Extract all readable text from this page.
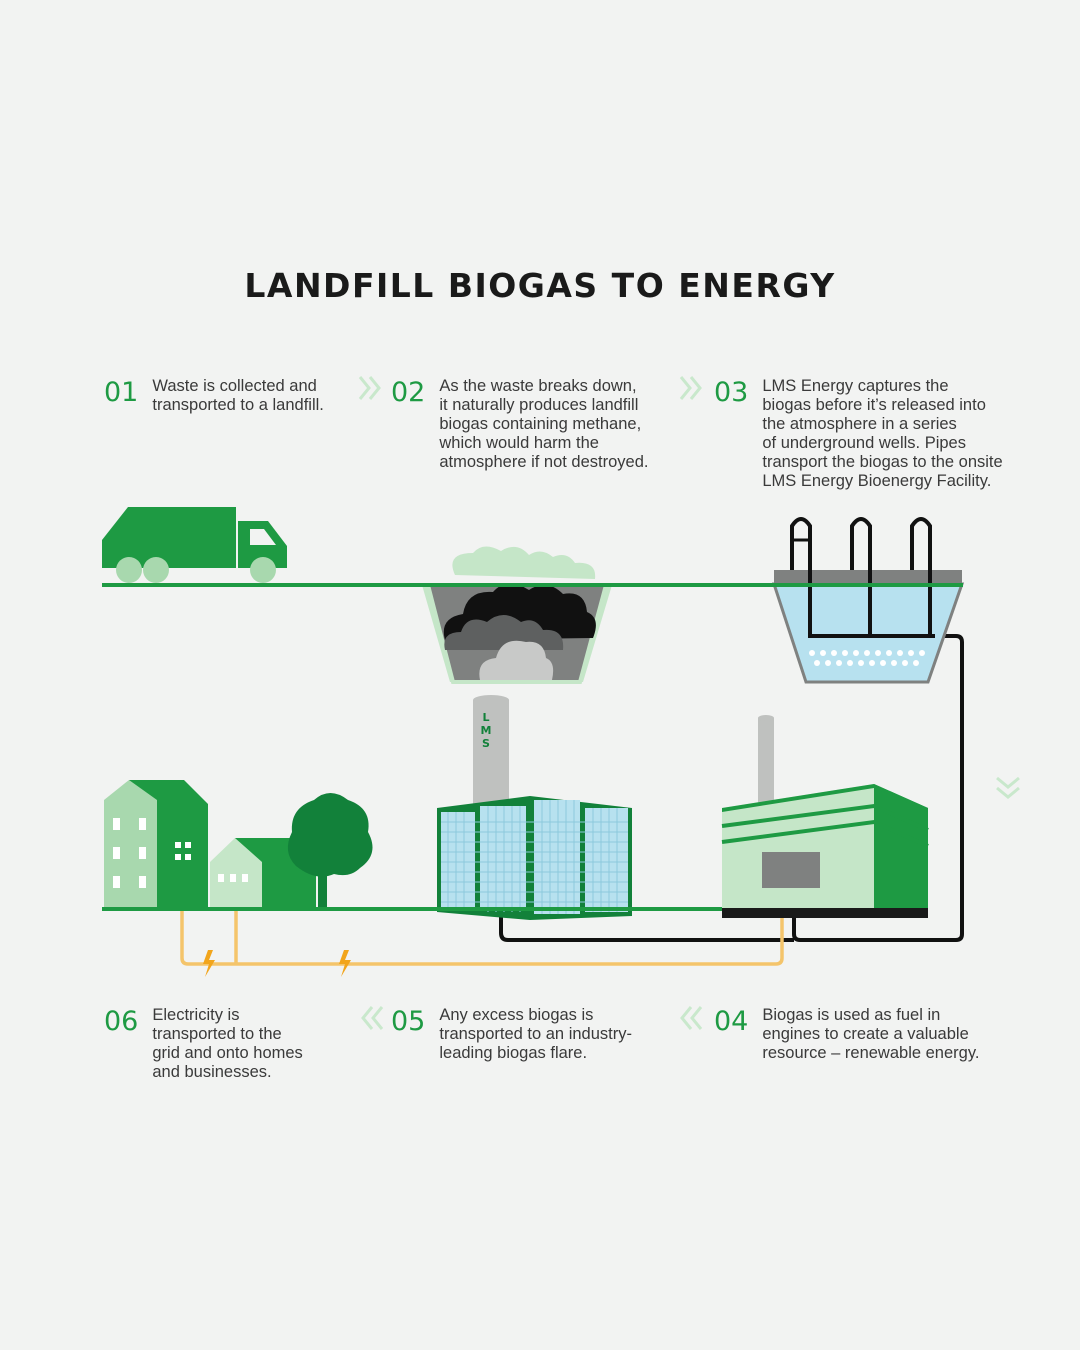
LANDFILL BIOGAS TO ENERGY
01 Waste is collected and
transported to a landfill. 02 As the waste breaks down,
it naturally produces landfill
biogas containing methane,
which would harm the
atmosphere if not destroyed.
03 LMS Energy captures the
biogas before it’s released into
the atmosphere in a series
of underground wells. Pipes
transport the biogas to the onsite
LMS Energy Bioenergy Facility.
04 Biogas is used as fuel in
engines to create a valuable
resource – renewable energy.
05 Any excess biogas is
transported to an industry-
leading biogas flare.
06 Electricity is
transported to the
grid and onto homes
and businesses.
L
M
S
